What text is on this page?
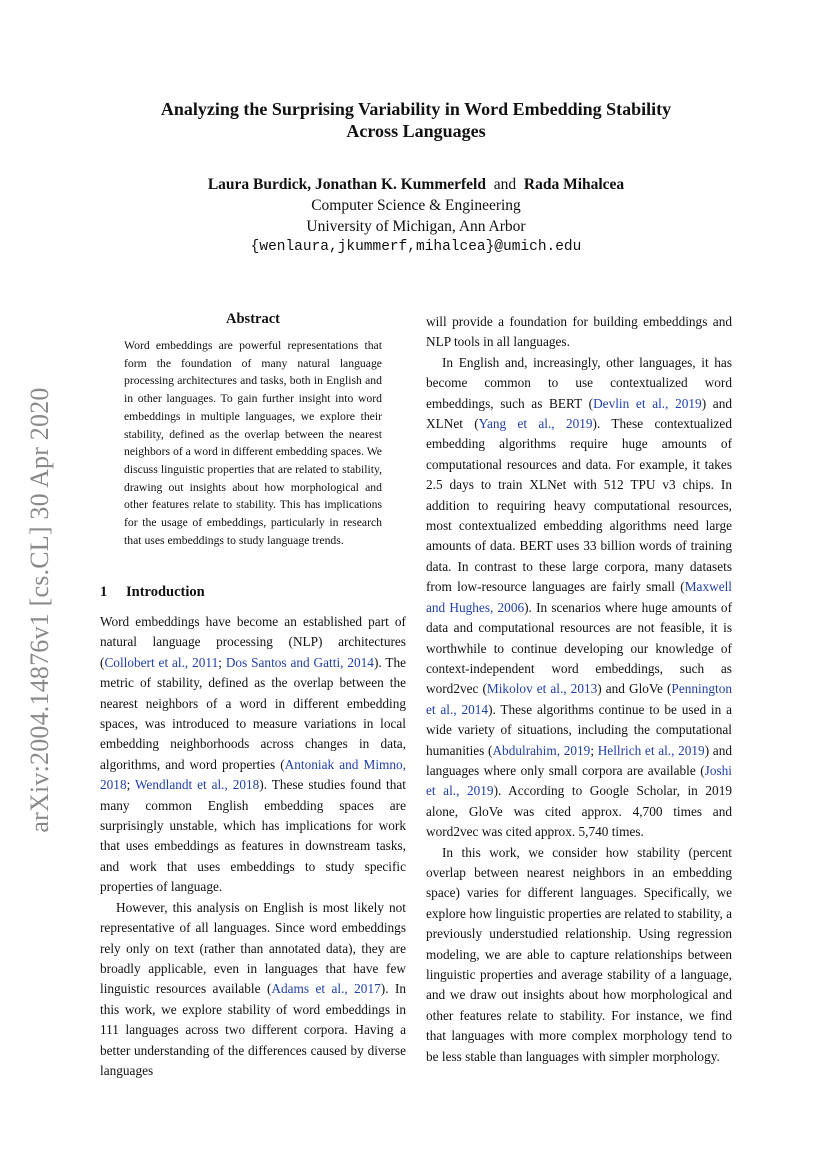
arXiv:2004.14876v1 [cs.CL] 30 Apr 2020
Analyzing the Surprising Variability in Word Embedding Stability
Across Languages
Laura Burdick, Jonathan K. Kummerfeld and Rada Mihalcea
Computer Science & Engineering
University of Michigan, Ann Arbor
{wenlaura,jkummerf,mihalcea}@umich.edu
Abstract
Word embeddings are powerful representations that form the foundation of many natural language processing architectures and tasks, both in English and in other languages. To gain further insight into word embeddings in multiple languages, we explore their stability, defined as the overlap between the nearest neighbors of a word in different embedding spaces. We discuss linguistic properties that are related to stability, drawing out insights about how morphological and other features relate to stability. This has implications for the usage of embeddings, particularly in research that uses embeddings to study language trends.
1 Introduction

Word embeddings have become an established part of natural language processing (NLP) architectures (Collobert et al., 2011; Dos Santos and Gatti, 2014). The metric of stability, defined as the overlap between the nearest neighbors of a word in different embedding spaces, was introduced to measure variations in local embedding neighborhoods across changes in data, algorithms, and word properties (Antoniak and Mimno, 2018; Wendlandt et al., 2018). These studies found that many common English embedding spaces are surprisingly unstable, which has implications for work that uses embeddings as features in downstream tasks, and work that uses embeddings to study specific properties of language.

However, this analysis on English is most likely not representative of all languages. Since word embeddings rely only on text (rather than annotated data), they are broadly applicable, even in languages that have few linguistic resources available (Adams et al., 2017). In this work, we explore stability of word embeddings in 111 languages across two different corpora. Having a better understanding of the differences caused by diverse languages

will provide a foundation for building embeddings and NLP tools in all languages.

In English and, increasingly, other languages, it has become common to use contextualized word embeddings, such as BERT (Devlin et al., 2019) and XLNet (Yang et al., 2019). These contextualized embedding algorithms require huge amounts of computational resources and data. For example, it takes 2.5 days to train XLNet with 512 TPU v3 chips. In addition to requiring heavy computational resources, most contextualized embedding algorithms need large amounts of data. BERT uses 33 billion words of training data. In contrast to these large corpora, many datasets from low-resource languages are fairly small (Maxwell and Hughes, 2006). In scenarios where huge amounts of data and computational resources are not feasible, it is worthwhile to continue developing our knowledge of context-independent word embeddings, such as word2vec (Mikolov et al., 2013) and GloVe (Pennington et al., 2014). These algorithms continue to be used in a wide variety of situations, including the computational humanities (Abdulrahim, 2019; Hellrich et al., 2019) and languages where only small corpora are available (Joshi et al., 2019). According to Google Scholar, in 2019 alone, GloVe was cited approx. 4,700 times and word2vec was cited approx. 5,740 times.

In this work, we consider how stability (percent overlap between nearest neighbors in an embedding space) varies for different languages. Specifically, we explore how linguistic properties are related to stability, a previously understudied relationship. Using regression modeling, we are able to capture relationships between linguistic properties and average stability of a language, and we draw out insights about how morphological and other features relate to stability. For instance, we find that languages with more complex morphology tend to be less stable than languages with simpler morphology.
